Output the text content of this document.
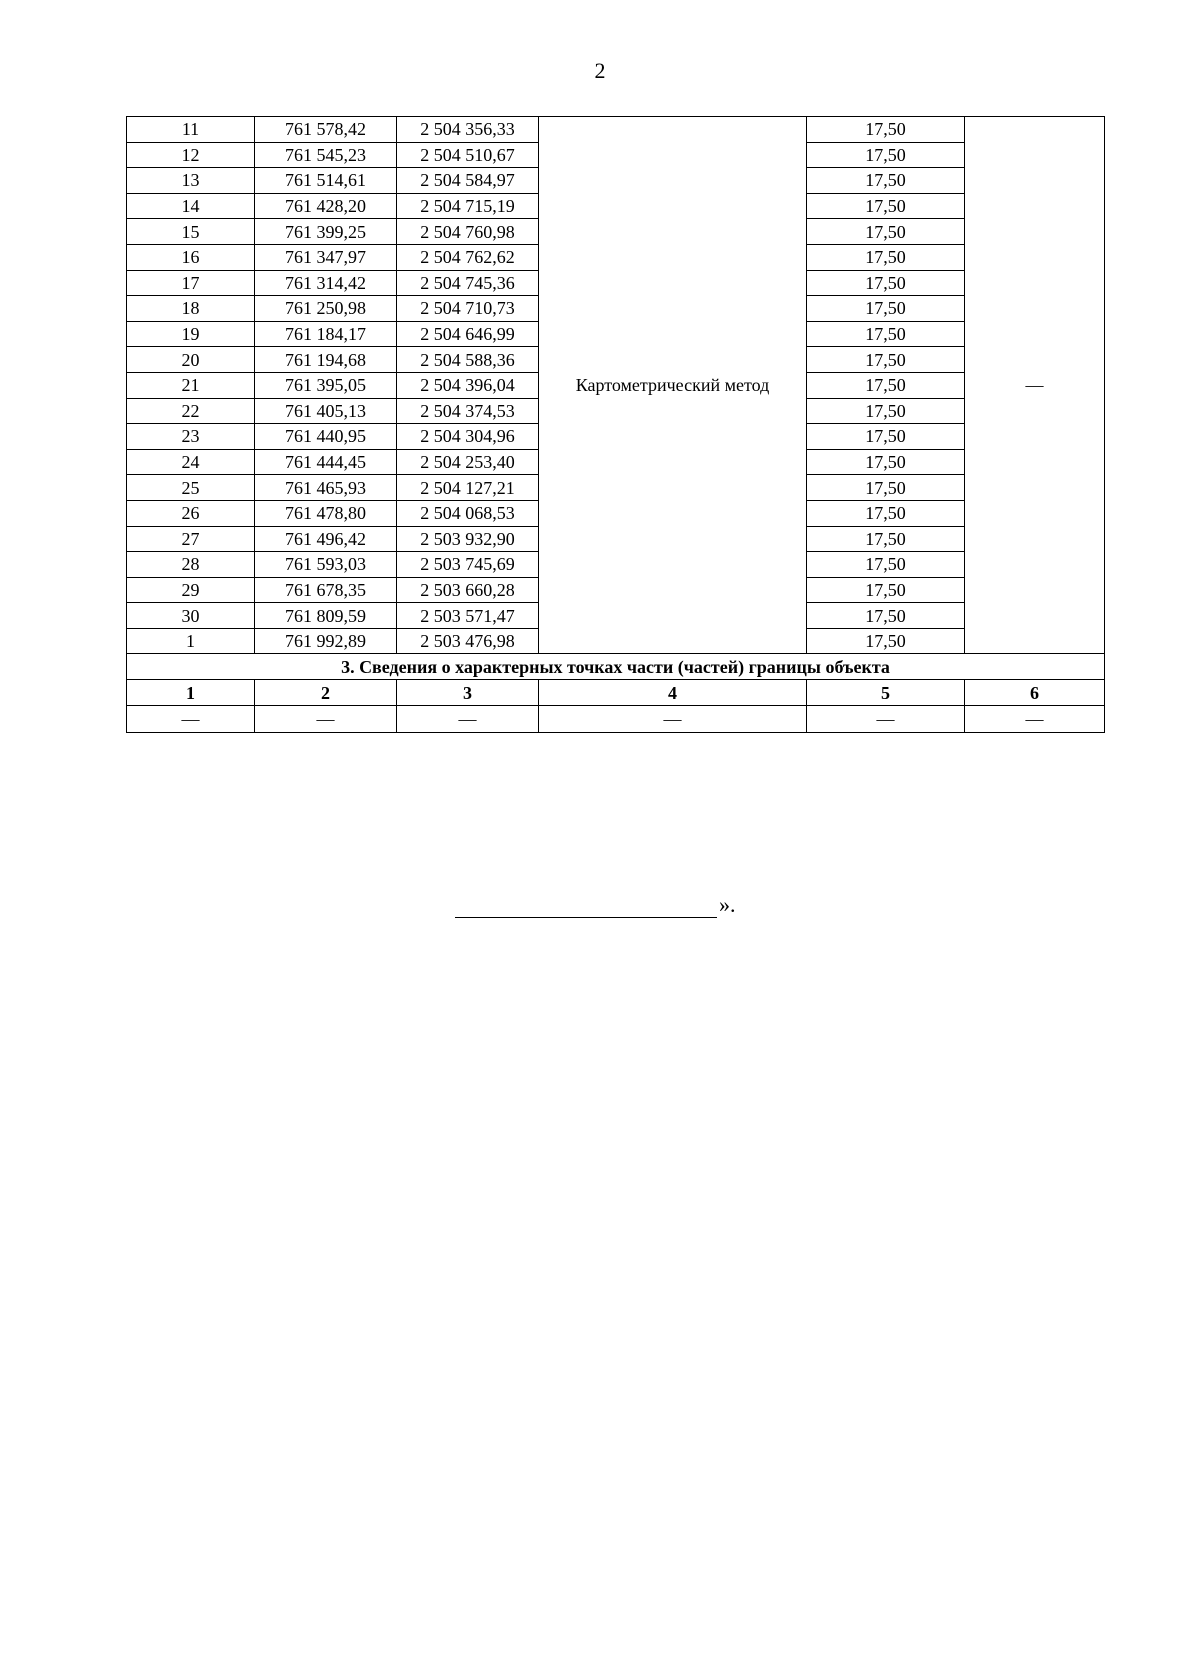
2
11	761 578,42	2 504 356,33	Картометрический метод	17,50	—
12	761 545,23	2 504 510,67		17,50	
13	761 514,61	2 504 584,97		17,50	
14	761 428,20	2 504 715,19		17,50	
15	761 399,25	2 504 760,98		17,50	
16	761 347,97	2 504 762,62		17,50	
17	761 314,42	2 504 745,36		17,50	
18	761 250,98	2 504 710,73		17,50	
19	761 184,17	2 504 646,99		17,50	
20	761 194,68	2 504 588,36		17,50	
21	761 395,05	2 504 396,04		17,50	
22	761 405,13	2 504 374,53		17,50	
23	761 440,95	2 504 304,96		17,50	
24	761 444,45	2 504 253,40		17,50	
25	761 465,93	2 504 127,21		17,50	
26	761 478,80	2 504 068,53		17,50	
27	761 496,42	2 503 932,90		17,50	
28	761 593,03	2 503 745,69		17,50	
29	761 678,35	2 503 660,28		17,50	
30	761 809,59	2 503 571,47		17,50	
1	761 992,89	2 503 476,98		17,50	
3. Сведения о характерных точках части (частей) границы объекта					
1	2	3	4	5	6
—	—	—	—	—	—
».
